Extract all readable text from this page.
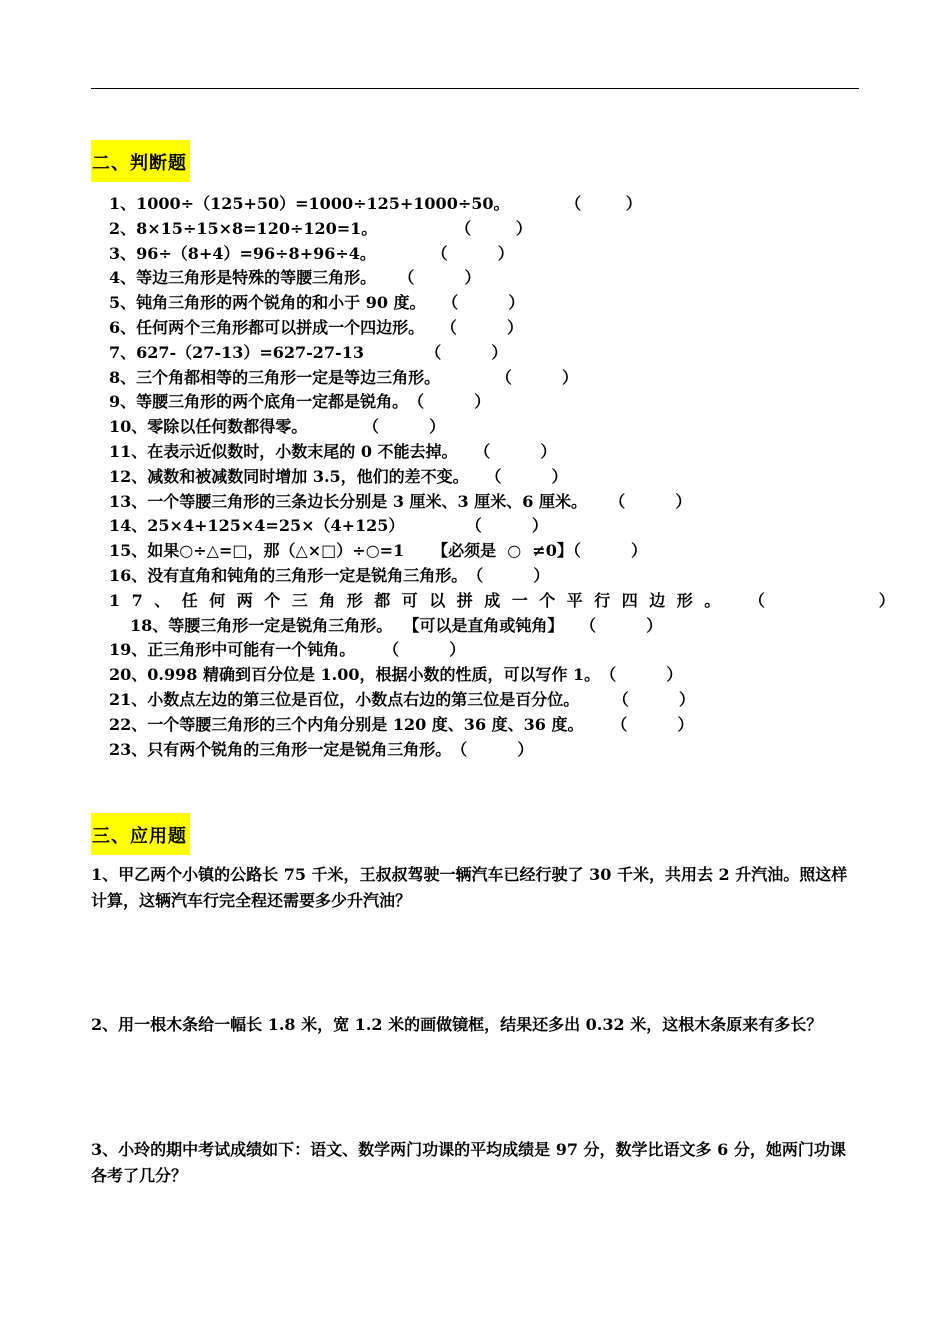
二、判断题
1、1000÷（125+50）=1000÷125+1000÷50。	（        ）
2、8×15÷15×8=120÷120=1。	（        ）
3、96÷（8+4）=96÷8+96÷4。	（         ）
4、等边三角形是特殊的等腰三角形。 （         ）
5、钝角三角形的两个锐角的和小于 90 度。 （         ）
6、任何两个三角形都可以拼成一个四边形。 （         ）
7、627-（27-13）=627-27-13	（         ）
8、三个角都相等的三角形一定是等边三角形。	（         ）
9、等腰三角形的两个底角一定都是锐角。（         ）
10、零除以任何数都得零。	（         ）
11、在表示近似数时，小数末尾的 0 不能去掉。 （         ）
12、减数和被减数同时增加 3.5，他们的差不变。 （         ）
13、一个等腰三角形的三条边长分别是 3 厘米、3 厘米、6 厘米。 （         ）
14、25×4+125×4=25×（4+125）	（         ）
15、如果○÷△=□，那（△×□）÷○=1 【必须是  ○  ≠0】（         ）
16、没有直角和钝角的三角形一定是锐角三角形。（         ）
17、任何两个三角形都可以拼成一个平行四边形。 （      ）
18、等腰三角形一定是锐角三角形。 【可以是直角或钝角】   （         ）
19、正三角形中可能有一个钝角。 （         ）
20、0.998 精确到百分位是 1.00，根据小数的性质，可以写作 1。（         ）
21、小数点左边的第三位是百位，小数点右边的第三位是百分位。 （         ）
22、一个等腰三角形的三个内角分别是 120 度、36 度、36 度。 （         ）
23、只有两个锐角的三角形一定是锐角三角形。（         ）
三、应用题
1、甲乙两个小镇的公路长 75 千米，王叔叔驾驶一辆汽车已经行驶了 30 千米，共用去 2 升汽油。照这样计算，这辆汽车行完全程还需要多少升汽油？
2、用一根木条给一幅长 1.8 米，宽 1.2 米的画做镜框，结果还多出 0.32 米，这根木条原来有多长？
3、小玲的期中考试成绩如下：语文、数学两门功课的平均成绩是 97 分，数学比语文多 6 分，她两门功课各考了几分？
